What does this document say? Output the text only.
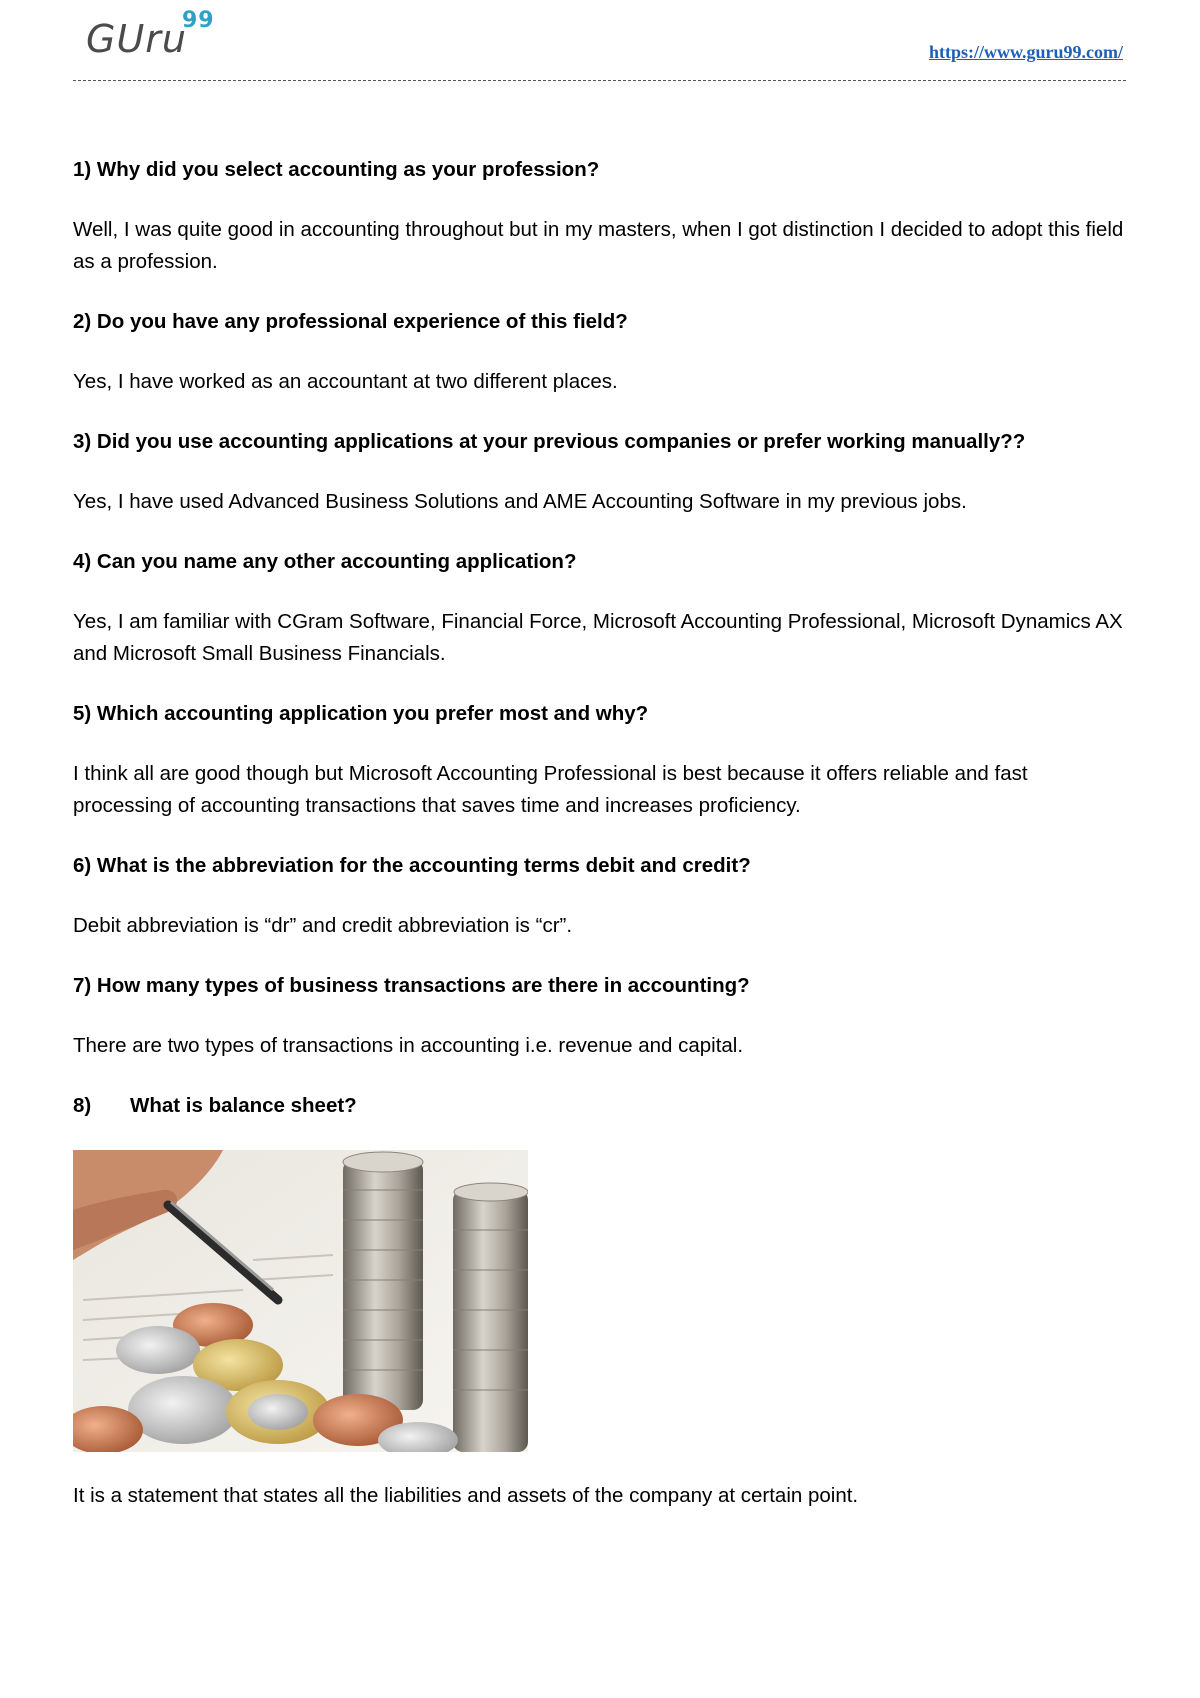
GUru
99
https://www.guru99.com/

1) Why did you select accounting as your profession?

Well, I was quite good in accounting throughout but in my masters, when I got distinction I decided to adopt this field as a profession.

2) Do you have any professional experience of this field?

Yes, I have worked as an accountant at two different places.

3) Did you use accounting applications at your previous companies or prefer working manually??

Yes, I have used Advanced Business Solutions and AME Accounting Software in my previous jobs.

4) Can you name any other accounting application?

Yes, I am familiar with CGram Software, Financial Force, Microsoft Accounting Professional, Microsoft Dynamics AX and Microsoft Small Business Financials.

5) Which accounting application you prefer most and why?

I think all are good though but Microsoft Accounting Professional is best because it offers reliable and fast processing of accounting transactions that saves time and increases proficiency.

6) What is the abbreviation for the accounting terms debit and credit?

Debit abbreviation is “dr” and credit abbreviation is “cr”.

7) How many types of business transactions are there in accounting?

There are two types of transactions in accounting i.e. revenue and capital.

8) What is balance sheet?

It is a statement that states all the liabilities and assets of the company at certain point.
